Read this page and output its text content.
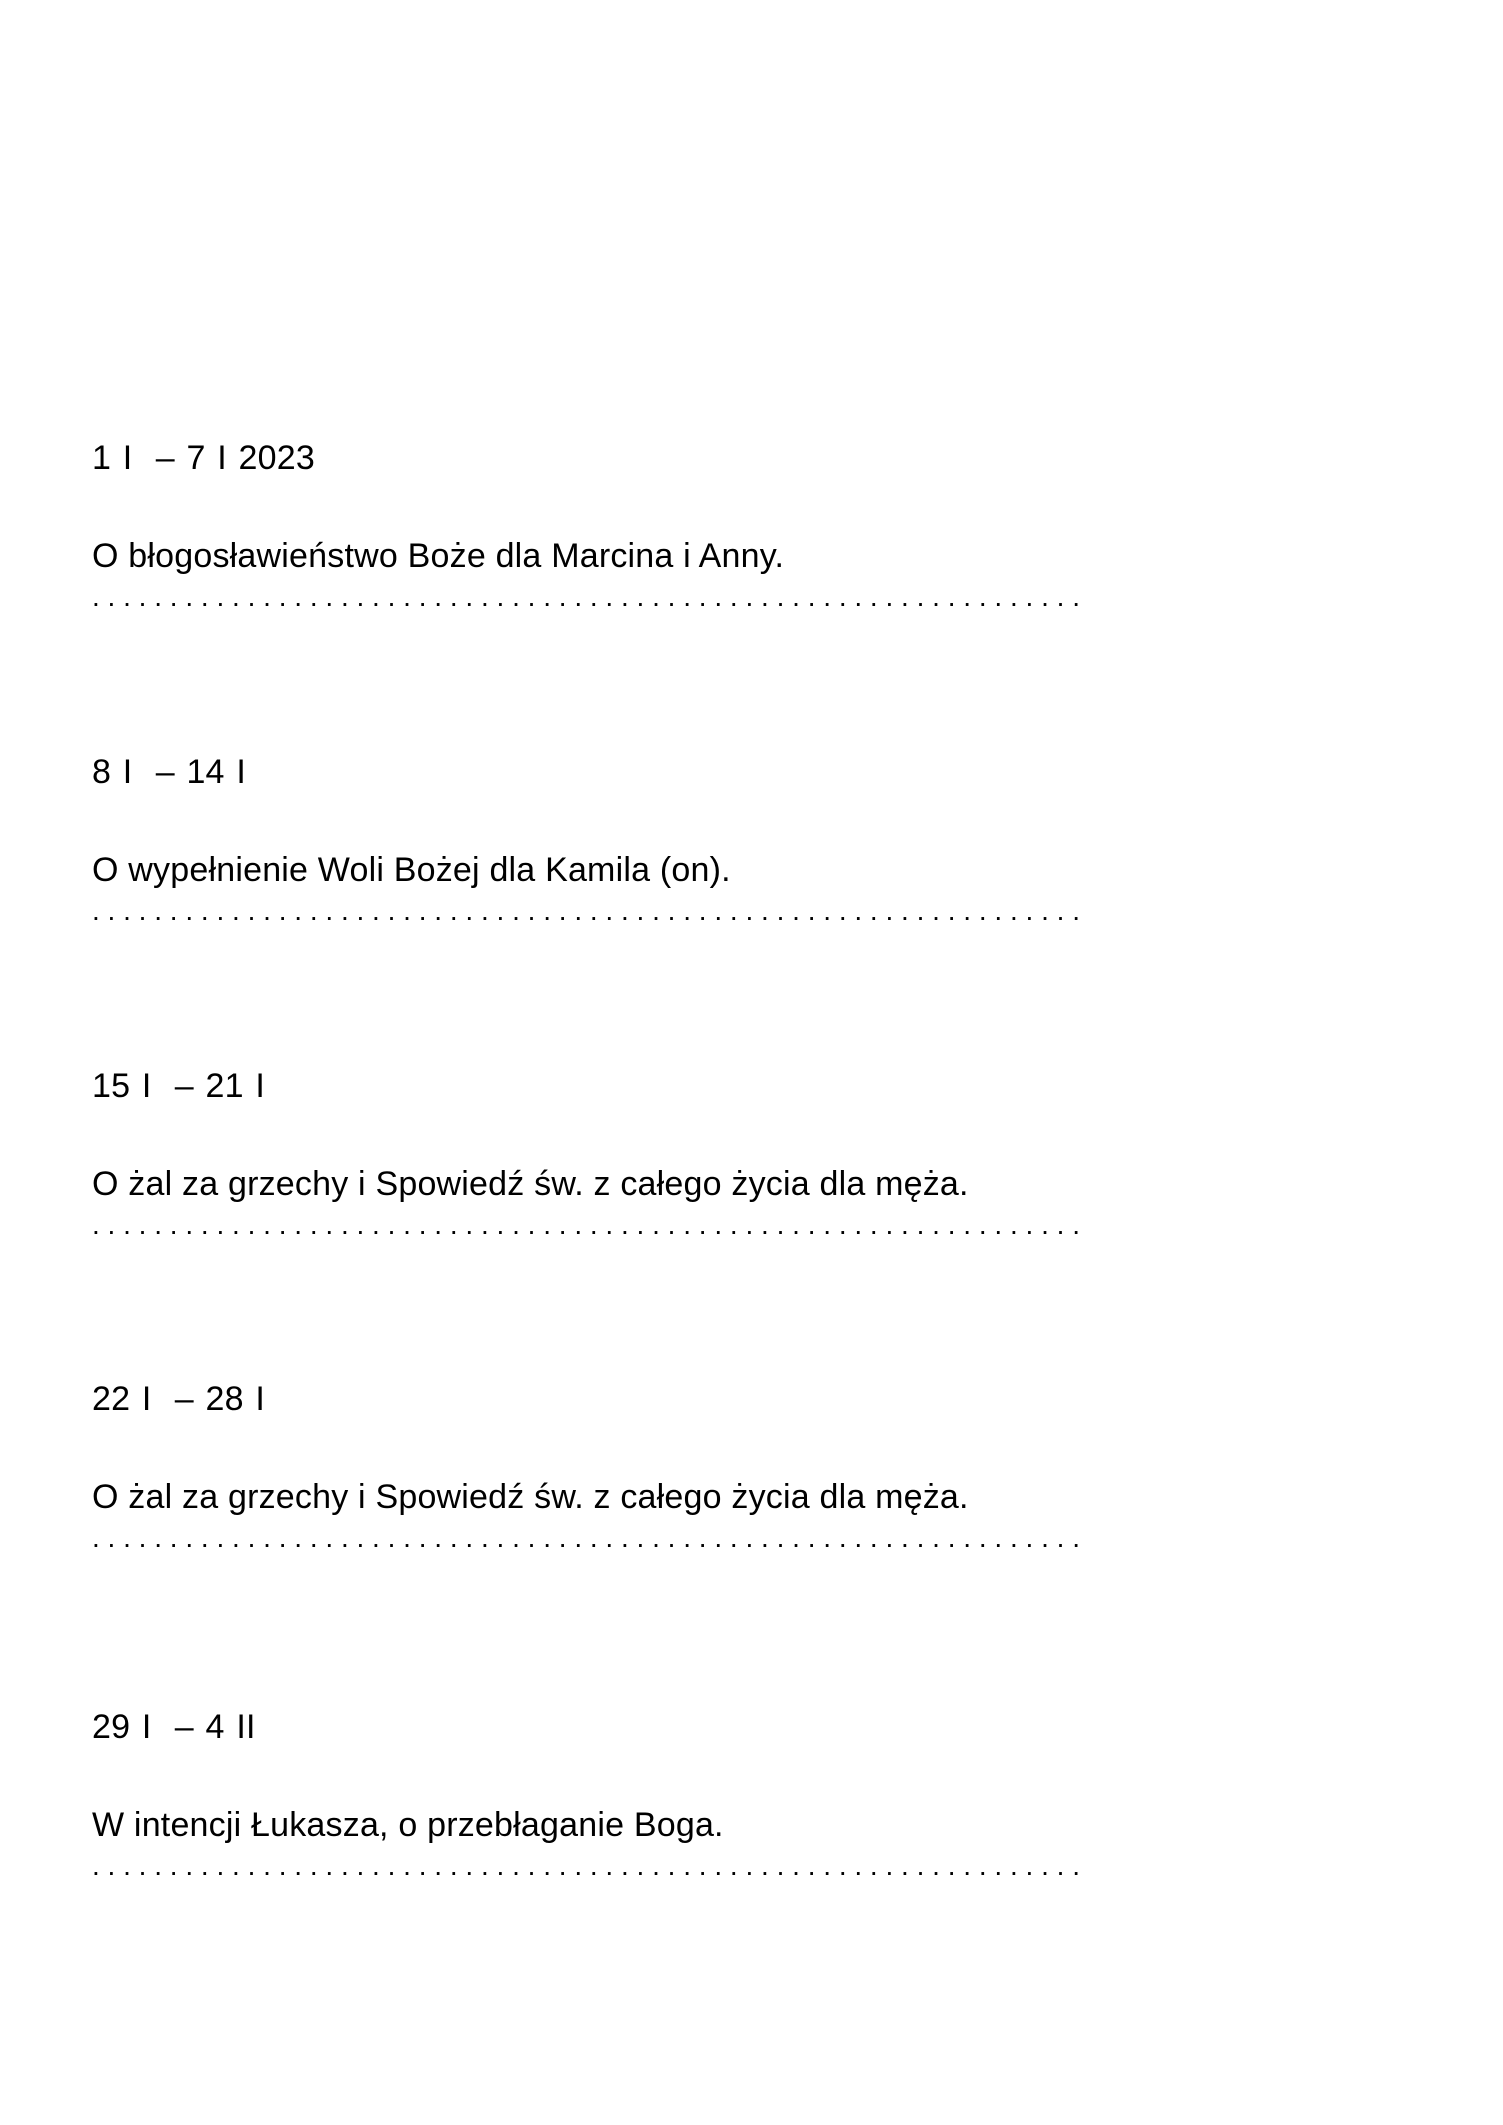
1 I  – 7 I 2023
O błogosławieństwo Boże dla Marcina i Anny.
. . . . . . . . . . . . . . . . . . . . . . . . . . . . . . . . . . . . . . . . . . . . . . . . . . . . . . . . . . . . . . . .
8 I  – 14 I
O wypełnienie Woli Bożej dla Kamila (on).
. . . . . . . . . . . . . . . . . . . . . . . . . . . . . . . . . . . . . . . . . . . . . . . . . . . . . . . . . . . . . . . .
15 I  – 21 I
O żal za grzechy i Spowiedź św. z całego życia dla męża.
. . . . . . . . . . . . . . . . . . . . . . . . . . . . . . . . . . . . . . . . . . . . . . . . . . . . . . . . . . . . . . . .
22 I  – 28 I
O żal za grzechy i Spowiedź św. z całego życia dla męża.
. . . . . . . . . . . . . . . . . . . . . . . . . . . . . . . . . . . . . . . . . . . . . . . . . . . . . . . . . . . . . . . .
29 I  – 4 II
W intencji Łukasza, o przebłaganie Boga.
. . . . . . . . . . . . . . . . . . . . . . . . . . . . . . . . . . . . . . . . . . . . . . . . . . . . . . . . . . . . . . . .
